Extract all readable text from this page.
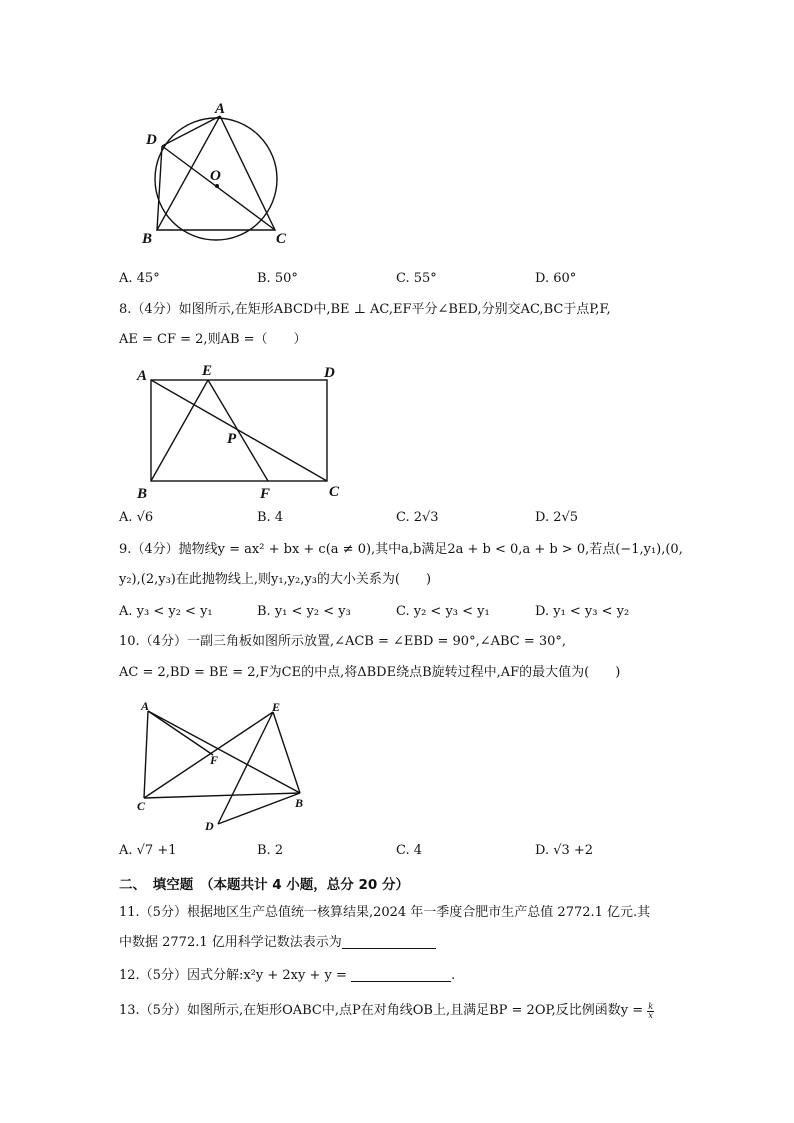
A
D
O
B	C
A. 45°	B. 50°	C. 55°	D. 60°
8.（4分）如图所示,在矩形ABCD中,BE ⊥ AC,EF平分∠BED,分别交AC,BC于点P,F,
AE = CF = 2,则AB =（　　）
A	E	D
P
B	F	C
A. √6	B. 4	C. 2√3	D. 2√5
9.（4分）抛物线y = ax² + bx + c(a ≠ 0),其中a,b满足2a + b < 0,a + b > 0,若点(−1,y₁),(0,
y₂),(2,y₃)在此抛物线上,则y₁,y₂,y₃的大小关系为(　　)
A. y₃ < y₂ < y₁	B. y₁ < y₂ < y₃	C. y₂ < y₃ < y₁	D. y₁ < y₃ < y₂
10.（4分）一副三角板如图所示放置,∠ACB = ∠EBD = 90°,∠ABC = 30°,
AC = 2,BD = BE = 2,F为CE的中点,将ΔBDE绕点B旋转过程中,AF的最大值为(　　)
A	E
F
C	B
D
A. √7 +1	B. 2	C. 4	D. √3 +2
二、　填空题　（本题共计 4 小题，总分 20 分）
11.（5分）根据地区生产总值统一核算结果,2024 年一季度合肥市生产总值 2772.1 亿元.其
中数据 2772.1 亿用科学记数法表示为
12.（5分）因式分解:x²y + 2xy + y =	.
13.（5分）如图所示,在矩形OABC中,点P在对角线OB上,且满足BP = 2OP,反比例函数$y = \frac{k}{x}$
